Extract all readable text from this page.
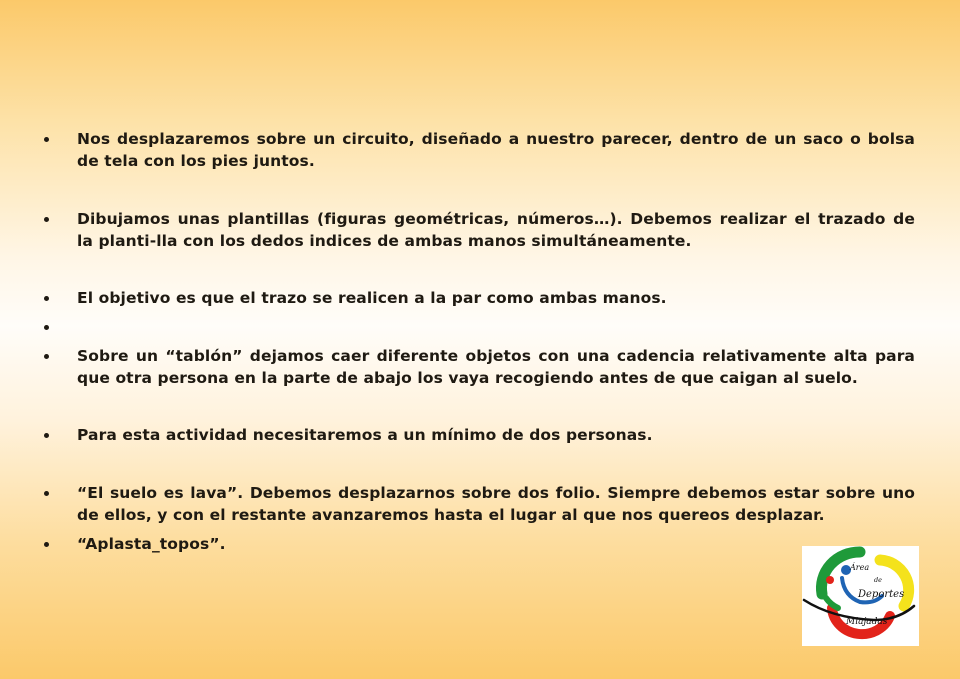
Nos desplazaremos sobre un circuito, diseñado a nuestro parecer, dentro de un saco o bolsa de tela con los pies juntos.
Dibujamos unas plantillas (figuras geométricas, números…). Debemos realizar el trazado de la planti-lla con los dedos indices de ambas manos simultáneamente.
El objetivo es que el trazo se realicen a la par como ambas manos.
Sobre un “tablón” dejamos caer diferente objetos con una cadencia relativamente alta para que otra persona en la parte de abajo los vaya recogiendo antes de que caigan al suelo.
Para esta actividad necesitaremos a un mínimo de dos personas.
“El suelo es lava”. Debemos desplazarnos sobre dos folio. Siempre debemos estar sobre uno de ellos, y con el restante avanzaremos hasta el lugar al que nos quereos desplazar.
“Aplasta_topos”.
Área
de
Deportes
Miajadas
